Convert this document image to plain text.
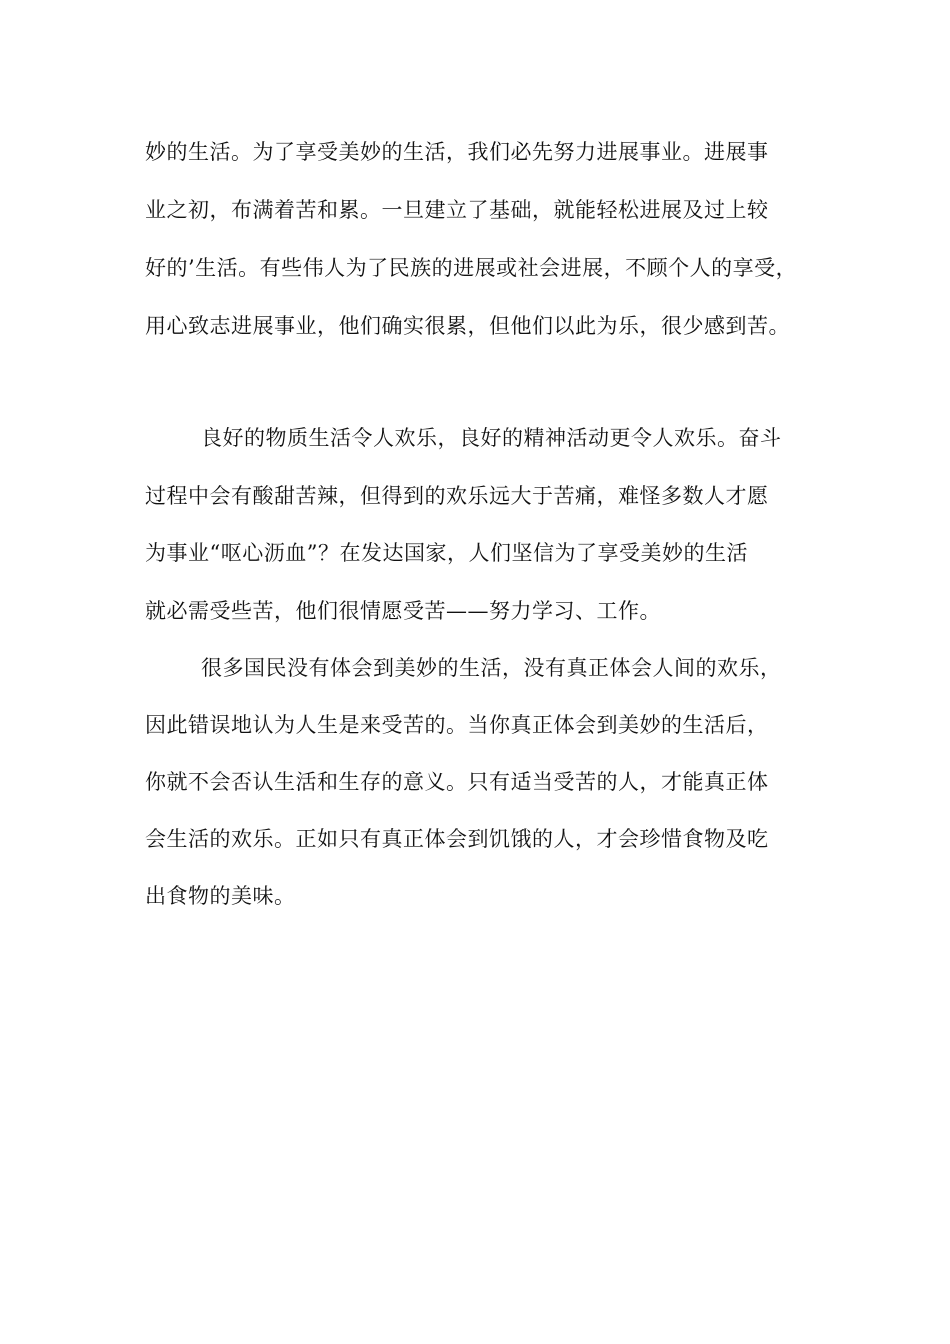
妙的生活。为了享受美妙的生活，我们必先努力进展事业。进展事

业之初，布满着苦和累。一旦建立了基础，就能轻松进展及过上较

好的’生活。有些伟人为了民族的进展或社会进展，不顾个人的享受，

用心致志进展事业，他们确实很累，但他们以此为乐，很少感到苦。

良好的物质生活令人欢乐，良好的精神活动更令人欢乐。奋斗

过程中会有酸甜苦辣，但得到的欢乐远大于苦痛，难怪多数人才愿

为事业“呕心沥血”？在发达国家，人们坚信为了享受美妙的生活

就必需受些苦，他们很情愿受苦——努力学习、工作。

很多国民没有体会到美妙的生活，没有真正体会人间的欢乐，

因此错误地认为人生是来受苦的。当你真正体会到美妙的生活后，

你就不会否认生活和生存的意义。只有适当受苦的人，才能真正体

会生活的欢乐。正如只有真正体会到饥饿的人，才会珍惜食物及吃

出食物的美味。
